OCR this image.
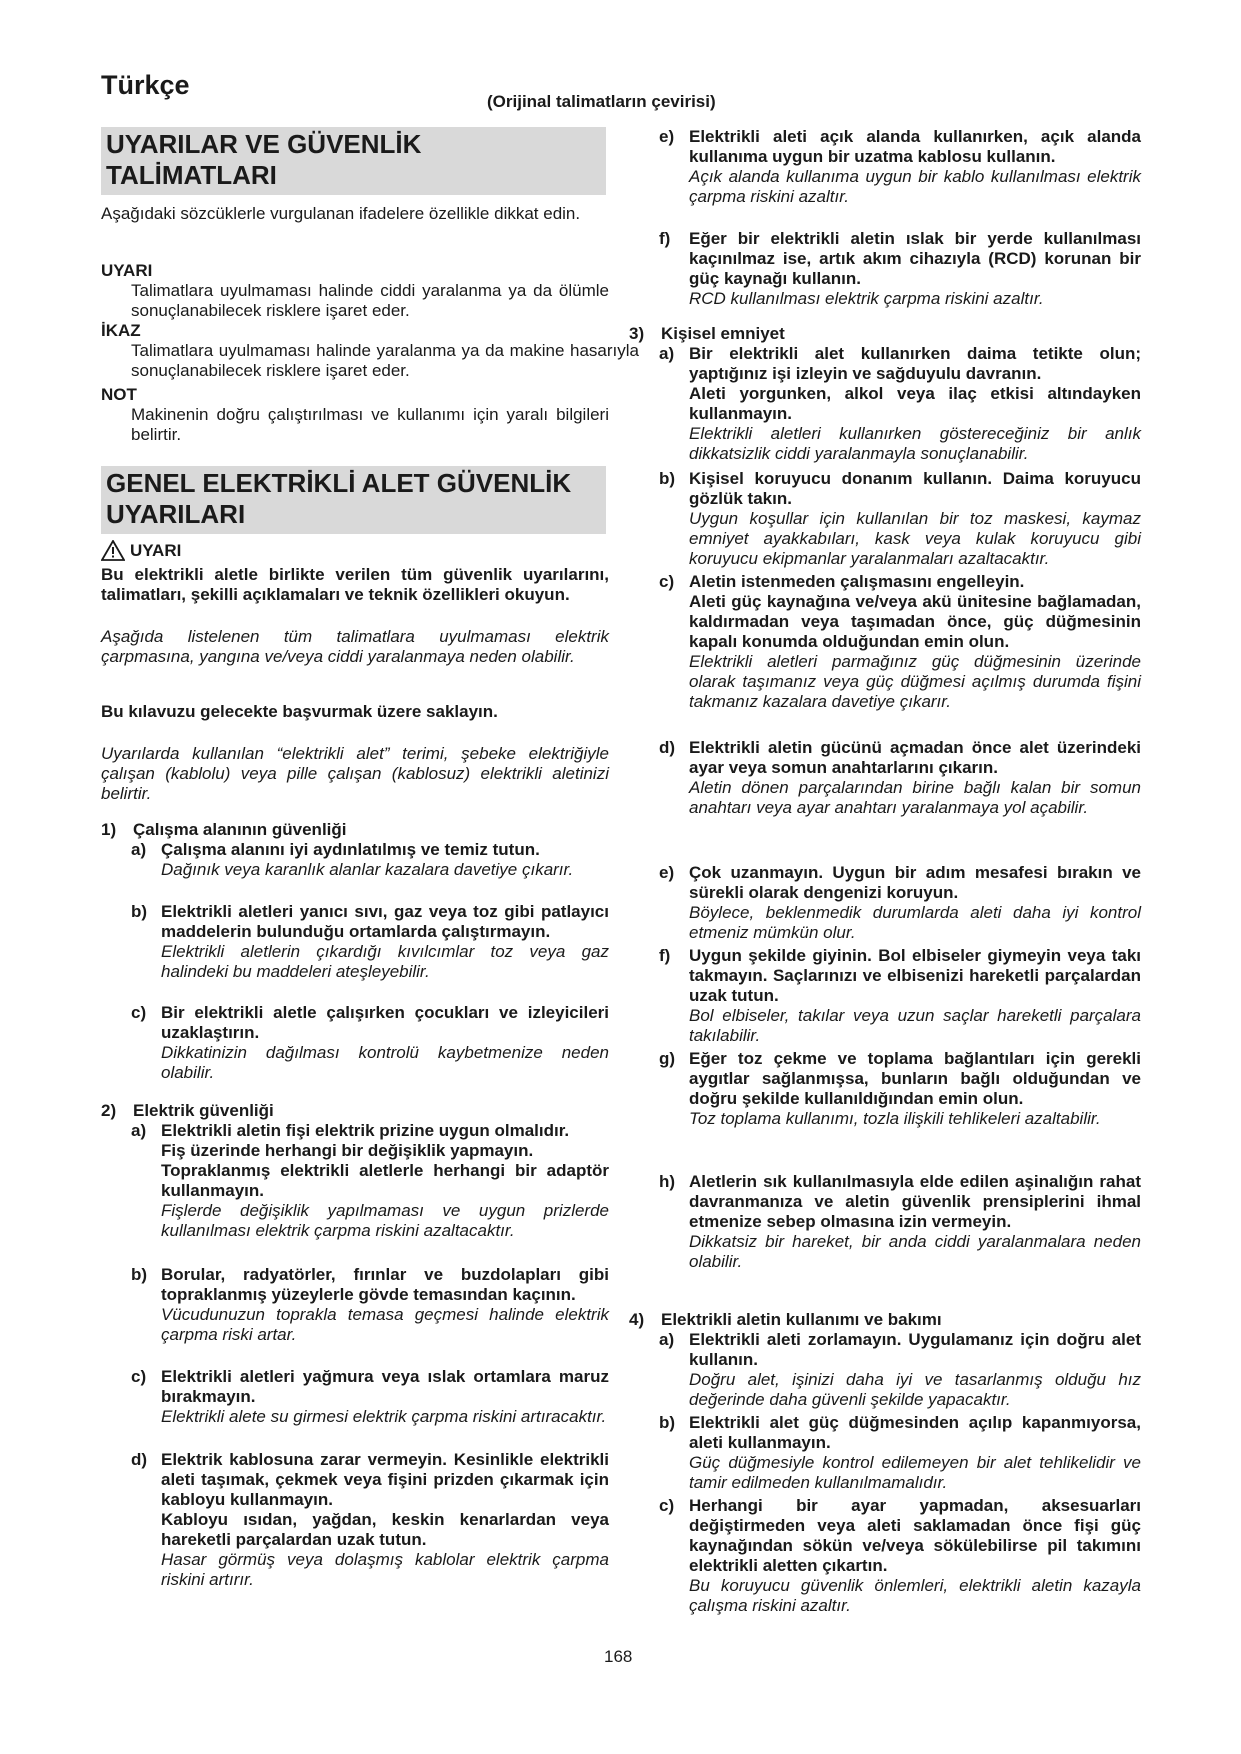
Türkçe
(Orijinal talimatların çevirisi)
UYARILAR VE GÜVENLİK
TALİMATLARI

Aşağıdaki sözcüklerle vurgulanan ifadelere özellikle dikkat edin.

UYARI

Talimatlara uyulmaması halinde ciddi yaralanma ya da ölümle sonuçlanabilecek risklere işaret eder.

İKAZ

Talimatlara uyulmaması halinde yaralanma ya da makine hasarıyla sonuçlanabilecek risklere işaret eder.

NOT

Makinenin doğru çalıştırılması ve kullanımı için yaralı bilgileri belirtir.

GENEL ELEKTRİKLİ ALET GÜVENLİK
UYARILARI
UYARI

Bu elektrikli aletle birlikte verilen tüm güvenlik uyarılarını, talimatları, şekilli açıklamaları ve teknik özellikleri okuyun.

Aşağıda listelenen tüm talimatlara uyulmaması elektrik çarpmasına, yangına ve/veya ciddi yaralanmaya neden olabilir.

Bu kılavuzu gelecekte başvurmak üzere saklayın.

Uyarılarda kullanılan “elektrikli alet” terimi, şebeke elektriğiyle çalışan (kablolu) veya pille çalışan (kablosuz) elektrikli aletinizi belirtir.

1) Çalışma alanının güvenliği
a) Çalışma alanını iyi aydınlatılmış ve temiz tutun.
Dağınık veya karanlık alanlar kazalara davetiye çıkarır.
b) Elektrikli aletleri yanıcı sıvı, gaz veya toz gibi patlayıcı maddelerin bulunduğu ortamlarda çalıştırmayın.
Elektrikli aletlerin çıkardığı kıvılcımlar toz veya gaz halindeki bu maddeleri ateşleyebilir.
c) Bir elektrikli aletle çalışırken çocukları ve izleyicileri uzaklaştırın.
Dikkatinizin dağılması kontrolü kaybetmenize neden olabilir.
2) Elektrik güvenliği
a) Elektrikli aletin fişi elektrik prizine uygun olmalıdır.
Fiş üzerinde herhangi bir değişiklik yapmayın.
Topraklanmış elektrikli aletlerle herhangi bir adaptör kullanmayın.
Fişlerde değişiklik yapılmaması ve uygun prizlerde kullanılması elektrik çarpma riskini azaltacaktır.
b) Borular, radyatörler, fırınlar ve buzdolapları gibi topraklanmış yüzeylerle gövde temasından kaçının.
Vücudunuzun toprakla temasa geçmesi halinde elektrik çarpma riski artar.
c) Elektrikli aletleri yağmura veya ıslak ortamlara maruz bırakmayın.
Elektrikli alete su girmesi elektrik çarpma riskini artıracaktır.
d) Elektrik kablosuna zarar vermeyin. Kesinlikle elektrikli aleti taşımak, çekmek veya fişini prizden çıkarmak için kabloyu kullanmayın.
Kabloyu ısıdan, yağdan, keskin kenarlardan veya hareketli parçalardan uzak tutun.
Hasar görmüş veya dolaşmış kablolar elektrik çarpma riskini artırır.
e) Elektrikli aleti açık alanda kullanırken, açık alanda kullanıma uygun bir uzatma kablosu kullanın.
Açık alanda kullanıma uygun bir kablo kullanılması elektrik çarpma riskini azaltır.
f)	Eğer bir elektrikli aletin ıslak bir yerde kullanılması kaçınılmaz ise, artık akım cihazıyla (RCD) korunan bir güç kaynağı kullanın.
RCD kullanılması elektrik çarpma riskini azaltır.
3) Kişisel emniyet
a) Bir elektrikli alet kullanırken daima tetikte olun; yaptığınız işi izleyin ve sağduyulu davranın.
Aleti yorgunken, alkol veya ilaç etkisi altındayken kullanmayın.
Elektrikli aletleri kullanırken göstereceğiniz bir anlık dikkatsizlik ciddi yaralanmayla sonuçlanabilir.
b) Kişisel koruyucu donanım kullanın. Daima koruyucu gözlük takın.
Uygun koşullar için kullanılan bir toz maskesi, kaymaz emniyet ayakkabıları, kask veya kulak koruyucu gibi koruyucu ekipmanlar yaralanmaları azaltacaktır.
c) Aletin istenmeden çalışmasını engelleyin.
Aleti güç kaynağına ve/veya akü ünitesine bağlamadan, kaldırmadan veya taşımadan önce, güç düğmesinin kapalı konumda olduğundan emin olun.
Elektrikli aletleri parmağınız güç düğmesinin üzerinde olarak taşımanız veya güç düğmesi açılmış durumda fişini takmanız kazalara davetiye çıkarır.
d) Elektrikli aletin gücünü açmadan önce alet üzerindeki ayar veya somun anahtarlarını çıkarın.
Aletin dönen parçalarından birine bağlı kalan bir somun anahtarı veya ayar anahtarı yaralanmaya yol açabilir.
e) Çok uzanmayın. Uygun bir adım mesafesi bırakın ve sürekli olarak dengenizi koruyun.
Böylece, beklenmedik durumlarda aleti daha iyi kontrol etmeniz mümkün olur.
f)	Uygun şekilde giyinin. Bol elbiseler giymeyin veya takı takmayın. Saçlarınızı ve elbisenizi hareketli parçalardan uzak tutun.
Bol elbiseler, takılar veya uzun saçlar hareketli parçalara takılabilir.
g) Eğer toz çekme ve toplama bağlantıları için gerekli aygıtlar sağlanmışsa, bunların bağlı olduğundan ve doğru şekilde kullanıldığından emin olun.
Toz toplama kullanımı, tozla ilişkili tehlikeleri azaltabilir.
h) Aletlerin sık kullanılmasıyla elde edilen aşinalığın rahat davranmanıza ve aletin güvenlik prensiplerini ihmal etmenize sebep olmasına izin vermeyin.
Dikkatsiz bir hareket, bir anda ciddi yaralanmalara neden olabilir.
4) Elektrikli aletin kullanımı ve bakımı
a) Elektrikli aleti zorlamayın. Uygulamanız için doğru alet kullanın.
Doğru alet, işinizi daha iyi ve tasarlanmış olduğu hız değerinde daha güvenli şekilde yapacaktır.
b) Elektrikli alet güç düğmesinden açılıp kapanmıyorsa, aleti kullanmayın.
Güç düğmesiyle kontrol edilemeyen bir alet tehlikelidir ve tamir edilmeden kullanılmamalıdır.
c) Herhangi bir ayar yapmadan, aksesuarları değiştirmeden veya aleti saklamadan önce fişi güç kaynağından sökün ve/veya sökülebilirse pil takımını elektrikli aletten çıkartın.
Bu koruyucu güvenlik önlemleri, elektrikli aletin kazayla çalışma riskini azaltır.
168
